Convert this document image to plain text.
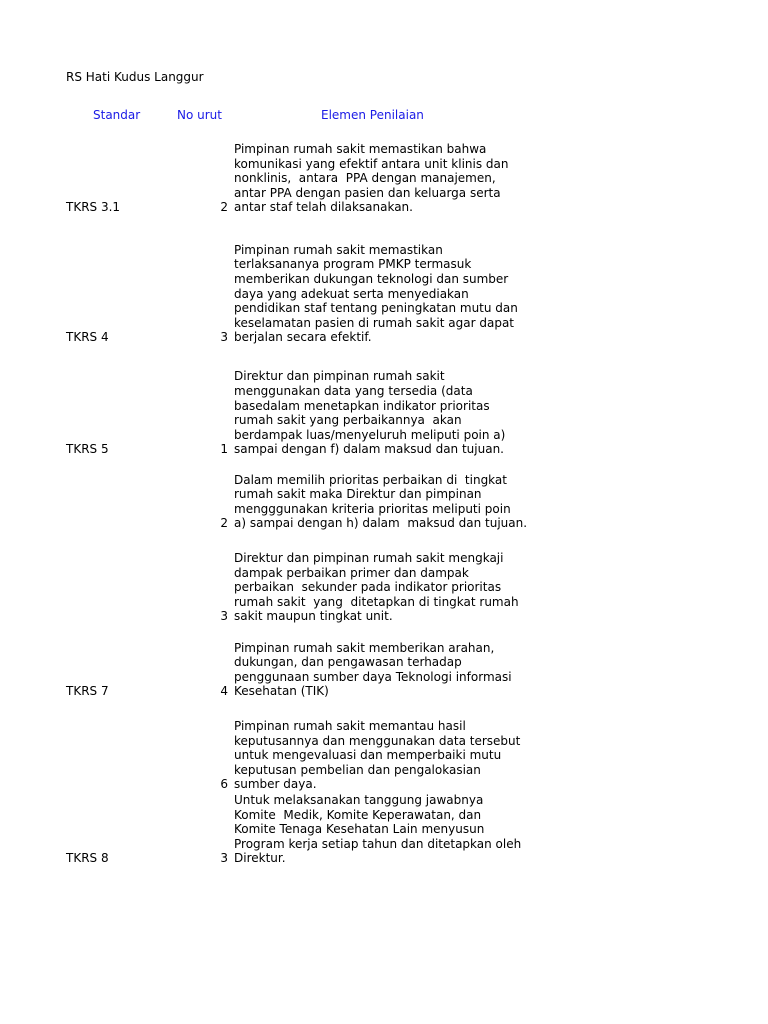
RS Hati Kudus Langgur
Standar	No urut	Elemen Penilaian
TKRS 3.1	2
Pimpinan rumah sakit memastikan bahwa
komunikasi yang efektif antara unit klinis dan
nonklinis,  antara  PPA dengan manajemen,
antar PPA dengan pasien dan keluarga serta
antar staf telah dilaksanakan.
TKRS 4	3
Pimpinan rumah sakit memastikan
terlaksananya program PMKP termasuk
memberikan dukungan teknologi dan sumber
daya yang adekuat serta menyediakan
pendidikan staf tentang peningkatan mutu dan
keselamatan pasien di rumah sakit agar dapat
berjalan secara efektif.
TKRS 5	1
Direktur dan pimpinan rumah sakit
menggunakan data yang tersedia (data
basedalam menetapkan indikator prioritas
rumah sakit yang perbaikannya  akan
berdampak luas/menyeluruh meliputi poin a)
sampai dengan f) dalam maksud dan tujuan.
2
Dalam memilih prioritas perbaikan di  tingkat
rumah sakit maka Direktur dan pimpinan
mengggunakan kriteria prioritas meliputi poin
a) sampai dengan h) dalam  maksud dan tujuan.
3
Direktur dan pimpinan rumah sakit mengkaji
dampak perbaikan primer dan dampak
perbaikan  sekunder pada indikator prioritas
rumah sakit  yang  ditetapkan di tingkat rumah
sakit maupun tingkat unit.
TKRS 7	4
Pimpinan rumah sakit memberikan arahan,
dukungan, dan pengawasan terhadap
penggunaan sumber daya Teknologi informasi
Kesehatan (TIK)
6
Pimpinan rumah sakit memantau hasil
keputusannya dan menggunakan data tersebut
untuk mengevaluasi dan memperbaiki mutu
keputusan pembelian dan pengalokasian
sumber daya.
TKRS 8	3
Untuk melaksanakan tanggung jawabnya
Komite  Medik, Komite Keperawatan, dan
Komite Tenaga Kesehatan Lain menyusun
Program kerja setiap tahun dan ditetapkan oleh
Direktur.
